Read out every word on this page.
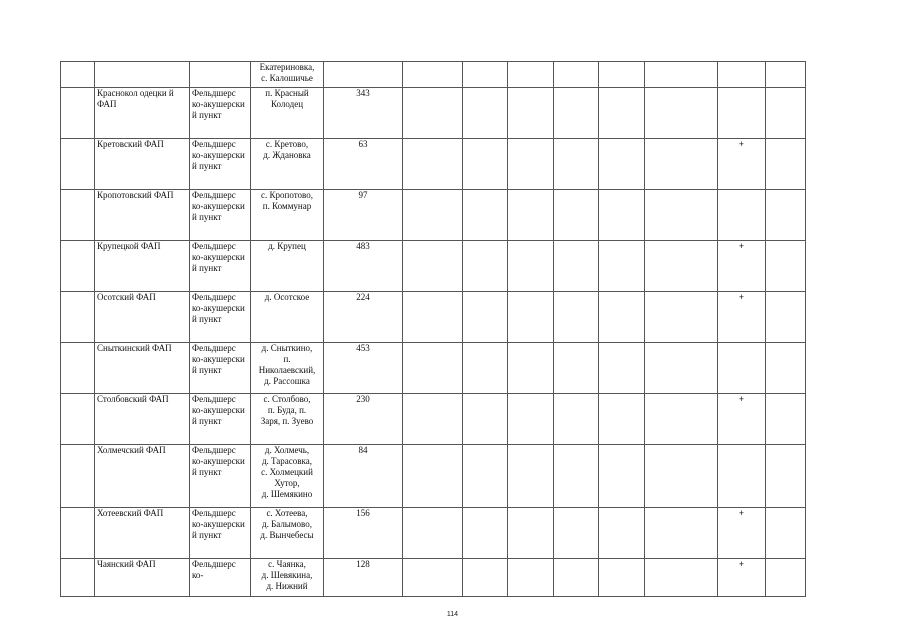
			Екатериновка,
с. Калошичье									
	Краснокол одецки й ФАП	Фельдшерс ко-акушерски й пункт	п. Красный Колодец	343								
	Кретовский ФАП	Фельдшерс ко-акушерски й пункт	с. Кретово,
д. Ждановка	63							+	
	Кропотовский ФАП	Фельдшерс ко-акушерски й пункт	с. Кропотово,
п. Коммунар	97								
	Крупецкой ФАП	Фельдшерс ко-акушерски й пункт	д. Крупец	483							+	
	Осотский ФАП	Фельдшерс ко-акушерски й пункт	д. Осотское	224							+	
	Сныткинский ФАП	Фельдшерс ко-акушерски й пункт	д. Сныткино,
п.
Николаевский,
д. Рассошка	453								
	Столбовский ФАП	Фельдшерс ко-акушерски й пункт	с. Столбово,
п. Буда, п.
Заря, п. Зуево	230							+	
	Холмечский ФАП	Фельдшерс ко-акушерски й пункт	д. Холмечь,
д. Тарасовка,
с. Холмецкий
Хутор,
д. Шемякино	84								
	Хотеевский ФАП	Фельдшерс ко-акушерски й пункт	с. Хотеева,
д. Балымово,
д. Вынчебесы	156							+	
	Чаянский ФАП	Фельдшерс ко-	с. Чаянка,
д. Шевякина,
д. Нижний	128							+	
114
